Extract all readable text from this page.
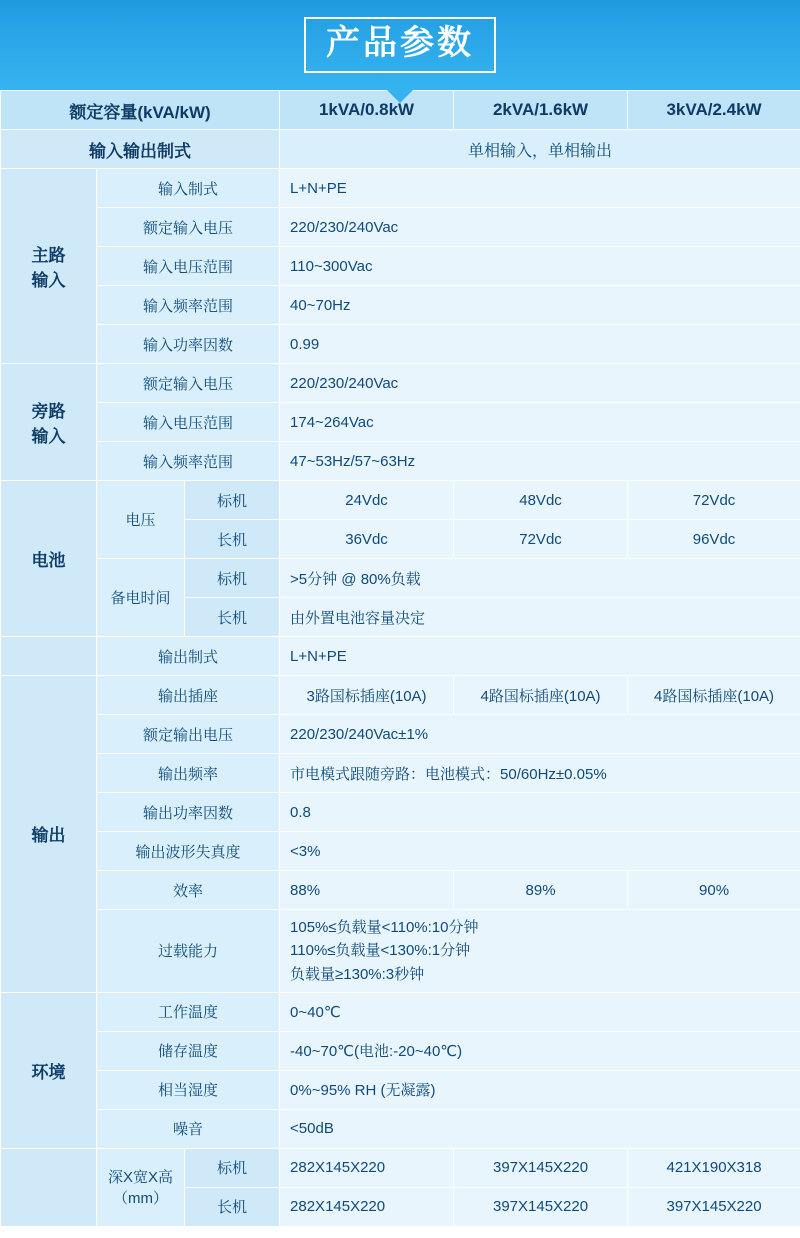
产品参数
额定容量(kVA/kW)			1kVA/0.8kW	2kVA/1.6kW	3kVA/2.4kW
输入输出制式			单相输入，单相输出		

主路
输入	输入制式		L+N+PE		
	额定输入电压		220/230/240Vac		
	输入电压范围		110~300Vac		
	输入频率范围		40~70Hz		
	输入功率因数		0.99		

旁路
输入	额定输入电压		220/230/240Vac		
	输入电压范围		174~264Vac		
	输入频率范围		47~53Hz/57~63Hz		
电池	电压	标机	24Vdc	48Vdc	72Vdc
		长机	36Vdc	72Vdc	96Vdc
	备电时间	标机	>5分钟 @ 80%负载		
		长机	由外置电池容量决定		
	输出制式		L+N+PE		
输出	输出插座		3路国标插座(10A)	4路国标插座(10A)	4路国标插座(10A)
	额定输出电压		220/230/240Vac±1%		
	输出频率		市电模式跟随旁路：电池模式：50/60Hz±0.05%		
	输出功率因数		0.8		
	输出波形失真度		<3%		
	效率		88%	89%	90%
	过载能力		105%≤负载量<110%:10分钟
110%≤负载量<130%:1分钟
负载量≥130%:3秒钟		

环境	工作温度		0~40℃		
	储存温度		-40~70℃(电池:-20~40℃)		
	相当湿度		0%~95% RH (无凝露)		
	噪音		<50dB		

	深X宽X高
（mm）	标机	282X145X220	397X145X220	421X190X318
		长机	282X145X220	397X145X220	397X145X220
